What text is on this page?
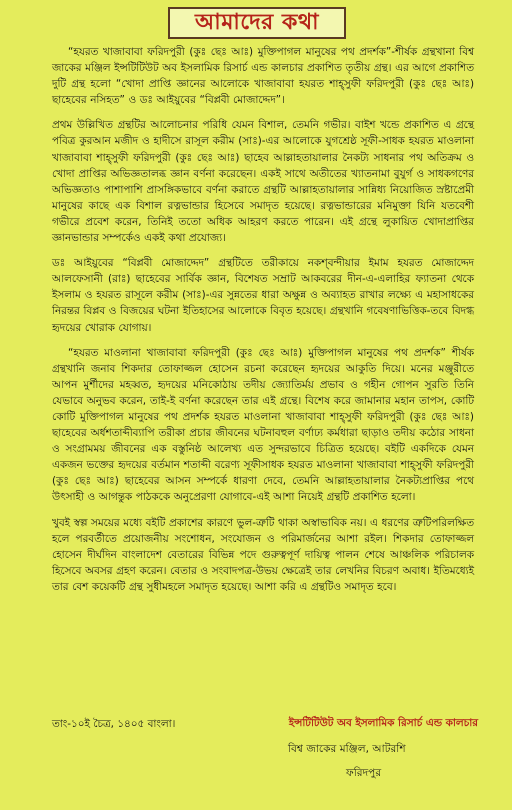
আমাদের কথা

“হযরত খাজাবাবা ফরিদপুরী (কুঃ ছেঃ আঃ) মুক্তিপাগল মানুষের পথ প্রদর্শক”-শীর্ষক গ্রন্থখানা বিশ্ব জাকের মঞ্জিল ইন্সটিটিউট অব ইসলামিক রিসার্চ এন্ড কালচার প্রকাশিত তৃতীয় গ্রন্থ। এর আগে প্রকাশিত দুটি গ্রন্থ হলো “খোদা প্রাপ্তি জ্ঞানের আলোকে খাজাবাবা হযরত শাহ্সুফী ফরিদপুরী (কুঃ ছেঃ আঃ) ছাহেবের নসিহত” ও ডঃ আইয়ুবের “বিপ্লবী মোজাদ্দেদ”।

প্রথম উল্লিখিত গ্রন্থটির আলোচনার পরিধি যেমন বিশাল, তেমনি গভীর। বাইশ খন্ডে প্রকাশিত এ গ্রন্থে পবিত্র কুরআন মজীদ ও হাদীসে রাসূল করীম (সাঃ)-এর আলোকে যুগশ্রেষ্ঠ সূফী-সাধক হযরত মাওলানা খাজাবাবা শাহ্সুফী ফরিদপুরী (কুঃ ছেঃ আঃ) ছাহেব আল্লাহতায়ালার নৈকট্য সাধনার পথ অতিক্রম ও খোদা প্রাপ্তির অভিজ্ঞতালব্ধ জ্ঞান বর্ণনা করেছেন। একই সাথে অতীতের খ্যাতনামা বুযুর্গ ও সাধকগণের অভিজ্ঞতাও পাশাপাশি প্রাসঙ্গিকভাবে বর্ণনা করাতে গ্রন্থটি আল্লাহতায়ালার সান্নিধ্য নিয়োজিত স্রষ্টাপ্রেমী মানুষের কাছে এক বিশাল রত্নভান্ডার হিসেবে সমাদৃত হয়েছে। রত্নভান্ডারের মনিমুক্তা যিনি যতবেশী গভীরে প্রবেশ করেন, তিনিই ততো অধিক আহরণ করতে পারেন। এই গ্রন্থে লুকায়িত খোদাপ্রাপ্তির জ্ঞানভান্ডার সম্পর্কেও একই কথা প্রযোজ্য।

ডঃ আইয়ুবের “বিপ্লবী মোজাদ্দেদ” গ্রন্থটিতে তরীকায়ে নকশ্‌বন্দীয়ার ইমাম হযরত মোজাদ্দেদ আলফেসানী (রাঃ) ছাহেবের সার্বিক জ্ঞান, বিশেষত সম্রাট আকবরের দীন-এ-এলাহির ফ্যাতনা থেকে ইসলাম ও হযরত রাসূলে করীম (সাঃ)-এর সুন্নতের ধারা অক্ষুন্ন ও অব্যাহত রাখার লক্ষ্যে এ মহাসাধকের নিরন্তর বিপ্লব ও বিজয়ের ঘটনা ইতিহাসের আলোকে বিবৃত হয়েছে। গ্রন্থখানি গবেষণাভিত্তিক-তবে বিদগ্ধ হৃদয়ের খোরাক যোগায়।

“হযরত মাওলানা খাজাবাবা ফরিদপুরী (কুঃ ছেঃ আঃ) মুক্তিপাগল মানুষের পথ প্রদর্শক” শীর্ষক গ্রন্থখানি জনাব শিকদার তোফাজ্জল হোসেন রচনা করেছেন হৃদয়ের আকুতি দিয়ে। মনের মঞ্জুরীতে আপন মুর্শীদের মহব্বত, হৃদয়ের মনিকোঠায় তদীয় জ্যোতির্ময় প্রভাব ও গহীন গোপন সুরতি তিনি যেভাবে অনুভব করেন, তাই-ই বর্ণনা করেছেন তার এই গ্রন্থে। বিশেষ করে জামানার মহান তাপস, কোটি কোটি মুক্তিপাগল মানুষের পথ প্রদর্শক হযরত মাওলানা খাজাবাবা শাহ্সুফী ফরিদপুরী (কুঃ ছেঃ আঃ) ছাহেবের অর্ধশতাব্দীব্যাপি তরীকা প্রচার জীবনের ঘটনাবহুল বর্ণাঢ্য কর্মধারা ছাড়াও তদীয় কঠোর সাধনা ও সংগ্রামময় জীবনের এক বস্তুনিষ্ঠ আলেখ্য এত সুন্দরভাবে চিত্রিত হয়েছে। বইটি একদিকে যেমন একজন ভক্তের হৃদয়ের বর্তমান শতাব্দী বরেণ্য সূফীসাধক হযরত মাওলানা খাজাবাবা শাহ্সুফী ফরিদপুরী (কুঃ ছেঃ আঃ) ছাহেবের আসন সম্পর্কে ধারণা দেবে, তেমনি আল্লাহতায়ালার নৈকট্যপ্রাপ্তির পথে উৎসাহী ও আগন্তুক পাঠককে অনুপ্রেরণা যোগাবে-এই আশা নিয়েই গ্রন্থটি প্রকাশিত হলো।

খুবই স্বল্প সময়ের মধ্যে বইটি প্রকাশের কারণে ভুল-ত্রুটি থাকা অস্বাভাবিক নয়। এ ধরণের ত্রুটিপরিলক্ষিত হলে পরবর্তীতে প্রয়োজনীয় সংশোধন, সংযোজন ও পরিমার্জনের আশা রইল। শিকদার তোফাজ্জল হোসেন দীর্ঘদিন বাংলাদেশ বেতারের বিভিন্ন পদে গুরুত্বপূর্ণ দায়িত্ব পালন শেষে আঞ্চলিক পরিচালক হিসেবে অবসর গ্রহণ করেন। বেতার ও সংবাদপত্র-উভয় ক্ষেত্রেই তার লেখনির বিচরণ অবাধ। ইতিমধ্যেই তার বেশ কয়েকটি গ্রন্থ সুধীমহলে সমাদৃত হয়েছে। আশা করি এ গ্রন্থটিও সমাদৃত হবে।

তাং-১০ই চৈত্র, ১৪০৫ বাংলা।	ইন্সটিটিউট অব ইসলামিক রিসার্চ এন্ড কালচার
বিশ্ব জাকের মঞ্জিল, আটরশি
ফরিদপুর
